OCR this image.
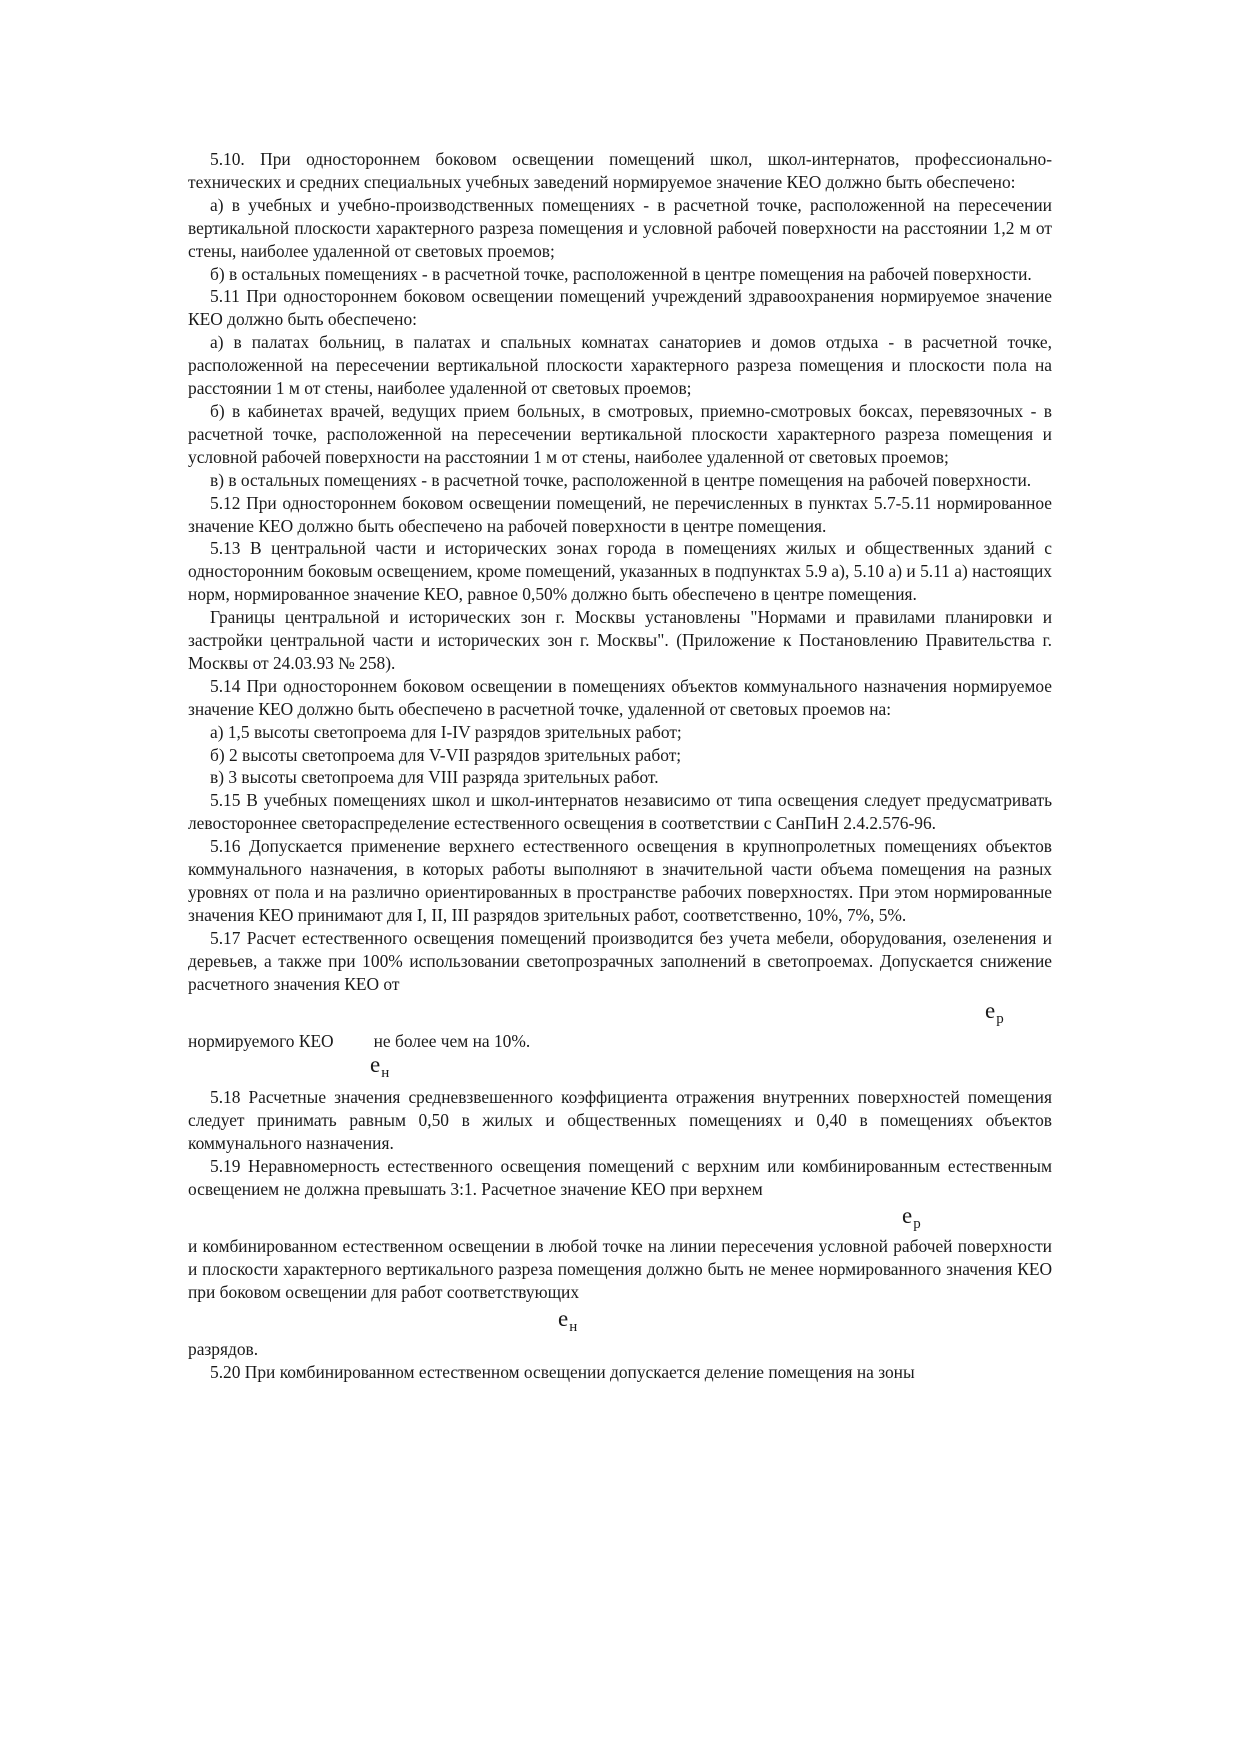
5.10. При одностороннем боковом освещении помещений школ, школ-интернатов, профессионально-технических и средних специальных учебных заведений нормируемое значение КЕО должно быть обеспечено:

а) в учебных и учебно-производственных помещениях - в расчетной точке, расположенной на пересечении вертикальной плоскости характерного разреза помещения и условной рабочей поверхности на расстоянии 1,2 м от стены, наиболее удаленной от световых проемов;

б) в остальных помещениях - в расчетной точке, расположенной в центре помещения на рабочей поверхности.

5.11 При одностороннем боковом освещении помещений учреждений здравоохранения нормируемое значение КЕО должно быть обеспечено:

а) в палатах больниц, в палатах и спальных комнатах санаториев и домов отдыха - в расчетной точке, расположенной на пересечении вертикальной плоскости характерного разреза помещения и плоскости пола на расстоянии 1 м от стены, наиболее удаленной от световых проемов;

б) в кабинетах врачей, ведущих прием больных, в смотровых, приемно-смотровых боксах, перевязочных - в расчетной точке, расположенной на пересечении вертикальной плоскости характерного разреза помещения и условной рабочей поверхности на расстоянии 1 м от стены, наиболее удаленной от световых проемов;

в) в остальных помещениях - в расчетной точке, расположенной в центре помещения на рабочей поверхности.

5.12 При одностороннем боковом освещении помещений, не перечисленных в пунктах 5.7-5.11 нормированное значение КЕО должно быть обеспечено на рабочей поверхности в центре помещения.

5.13 В центральной части и исторических зонах города в помещениях жилых и общественных зданий с односторонним боковым освещением, кроме помещений, указанных в подпунктах 5.9 а), 5.10 а) и 5.11 а) настоящих норм, нормированное значение КЕО, равное 0,50% должно быть обеспечено в центре помещения.

Границы центральной и исторических зон г. Москвы установлены "Нормами и правилами планировки и застройки центральной части и исторических зон г. Москвы". (Приложение к Постановлению Правительства г. Москвы от 24.03.93 № 258).

5.14 При одностороннем боковом освещении в помещениях объектов коммунального назначения нормируемое значение КЕО должно быть обеспечено в расчетной точке, удаленной от световых проемов на:

а) 1,5 высоты светопроема для I-IV разрядов зрительных работ;

б) 2 высоты светопроема для V-VII разрядов зрительных работ;

в) 3 высоты светопроема для VIII разряда зрительных работ.

5.15 В учебных помещениях школ и школ-интернатов независимо от типа освещения следует предусматривать левостороннее светораспределение естественного освещения в соответствии с СанПиН 2.4.2.576-96.

5.16 Допускается применение верхнего естественного освещения в крупнопролетных помещениях объектов коммунального назначения, в которых работы выполняют в значительной части объема помещения на разных уровнях от пола и на различно ориентированных в пространстве рабочих поверхностях. При этом нормированные значения КЕО принимают для I, II, III разрядов зрительных работ, соответственно, 10%, 7%, 5%.

5.17 Расчет естественного освещения помещений производится без учета мебели, оборудования, озеленения и деревьев, а также при 100% использовании светопрозрачных заполнений в светопроемах. Допускается снижение расчетного значения КЕО от

$е_р$

нормируемого КЕО не более чем на 10%.

$е_н$

5.18 Расчетные значения средневзвешенного коэффициента отражения внутренних поверхностей помещения следует принимать равным 0,50 в жилых и общественных помещениях и 0,40 в помещениях объектов коммунального назначения.

5.19 Неравномерность естественного освещения помещений с верхним или комбинированным естественным освещением не должна превышать 3:1. Расчетное значение КЕО при верхнем

$е_р$

и комбинированном естественном освещении в любой точке на линии пересечения условной рабочей поверхности и плоскости характерного вертикального разреза помещения должно быть не менее нормированного значения КЕО при боковом освещении для работ соответствующих

$е_н$

разрядов.

5.20 При комбинированном естественном освещении допускается деление помещения на зоны
